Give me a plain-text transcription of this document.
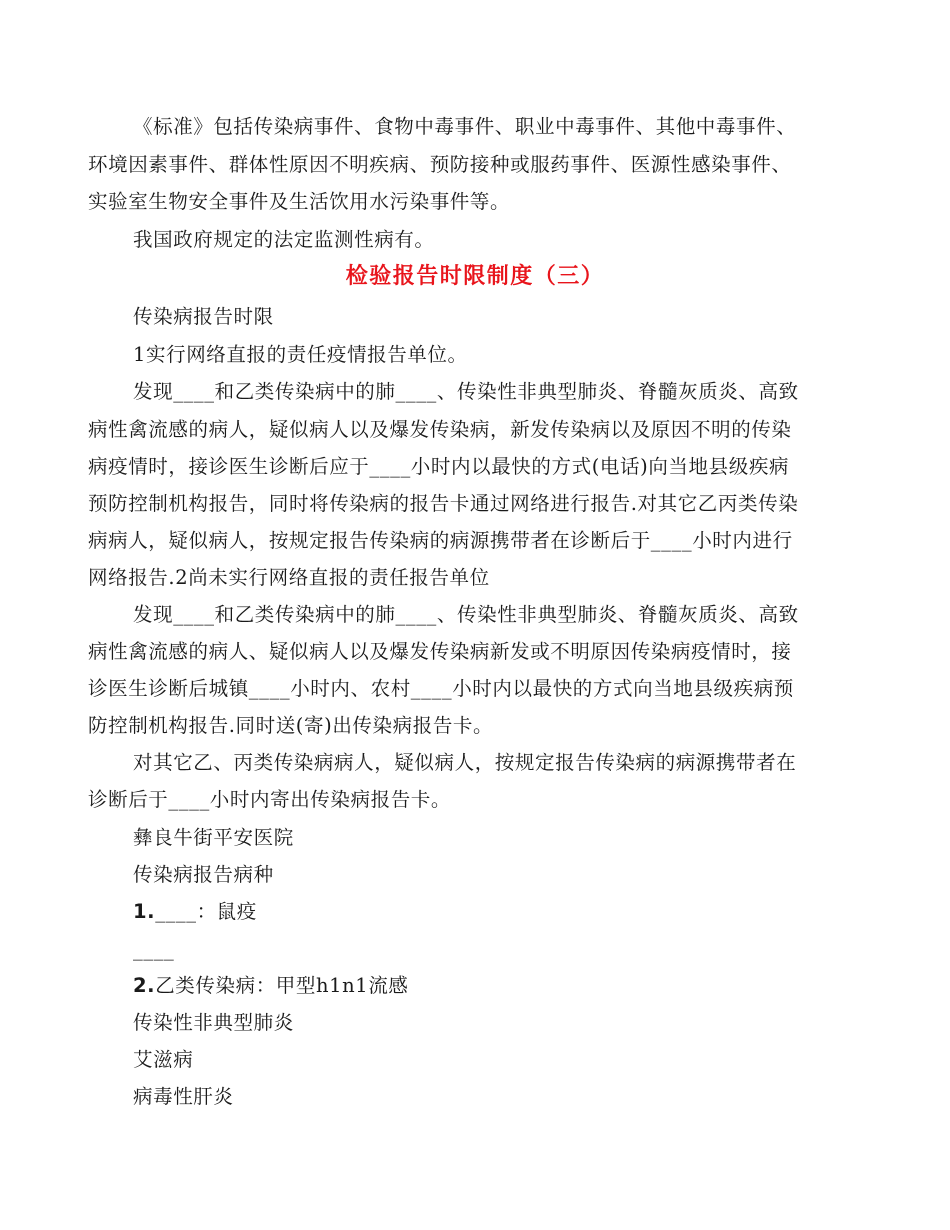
《标准》包括传染病事件、食物中毒事件、职业中毒事件、其他中毒事件、
环境因素事件、群体性原因不明疾病、预防接种或服药事件、医源性感染事件、
实验室生物安全事件及生活饮用水污染事件等。
我国政府规定的法定监测性病有。
检验报告时限制度（三）
传染病报告时限
1实行网络直报的责任疫情报告单位。
发现____和乙类传染病中的肺____、传染性非典型肺炎、脊髓灰质炎、高致
病性禽流感的病人，疑似病人以及爆发传染病，新发传染病以及原因不明的传染
病疫情时，接诊医生诊断后应于____小时内以最快的方式(电话)向当地县级疾病
预防控制机构报告，同时将传染病的报告卡通过网络进行报告.对其它乙丙类传染
病病人，疑似病人，按规定报告传染病的病源携带者在诊断后于____小时内进行
网络报告.2尚未实行网络直报的责任报告单位
发现____和乙类传染病中的肺____、传染性非典型肺炎、脊髓灰质炎、高致
病性禽流感的病人、疑似病人以及爆发传染病新发或不明原因传染病疫情时，接
诊医生诊断后城镇____小时内、农村____小时内以最快的方式向当地县级疾病预
防控制机构报告.同时送(寄)出传染病报告卡。
对其它乙、丙类传染病病人，疑似病人，按规定报告传染病的病源携带者在
诊断后于____小时内寄出传染病报告卡。
彝良牛街平安医院
传染病报告病种
1.____：鼠疫
____
2.乙类传染病：甲型h1n1流感
传染性非典型肺炎
艾滋病
病毒性肝炎
